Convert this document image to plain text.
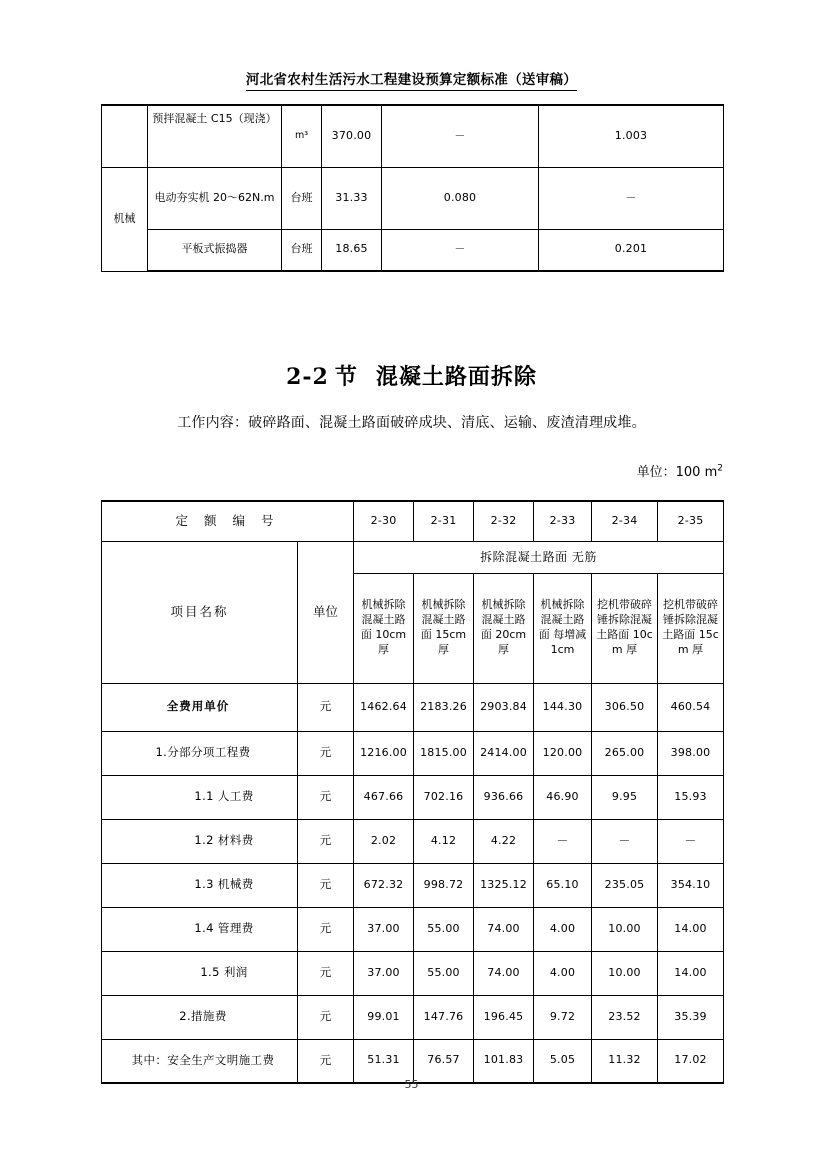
河北省农村生活污水工程建设预算定额标准（送审稿）
	预拌混凝土 C15（现浇）	m³	370.00	－	1.003
机械	电动夯实机 20～62N.m	台班	31.33	0.080	－
	平板式振捣器	台班	18.65	－	0.201
2-2 节 混凝土路面拆除
工作内容：破碎路面、混凝土路面破碎成块、清底、运输、废渣清理成堆。
单位：100 $m^2$
定 额 编 号		2-30	2-31	2-32	2-33	2-34	2-35
项目名称	单位	拆除混凝土路面 无筋					
		机械拆除混凝土路面 10cm 厚	机械拆除混凝土路面 15cm 厚	机械拆除混凝土路面 20cm 厚	机械拆除混凝土路面 每增减 1cm	挖机带破碎锤拆除混凝土路面 10cm 厚	挖机带破碎锤拆除混凝土路面 15cm 厚
全费用单价	元	1462.64	2183.26	2903.84	144.30	306.50	460.54
1.分部分项工程费	元	1216.00	1815.00	2414.00	120.00	265.00	398.00
1.1 人工费	元	467.66	702.16	936.66	46.90	9.95	15.93
1.2 材料费	元	2.02	4.12	4.22	－	－	－
1.3 机械费	元	672.32	998.72	1325.12	65.10	235.05	354.10
1.4 管理费	元	37.00	55.00	74.00	4.00	10.00	14.00
1.5 利润	元	37.00	55.00	74.00	4.00	10.00	14.00
2.措施费	元	99.01	147.76	196.45	9.72	23.52	35.39
其中：安全生产文明施工费	元	51.31	76.57	101.83	5.05	11.32	17.02
55
